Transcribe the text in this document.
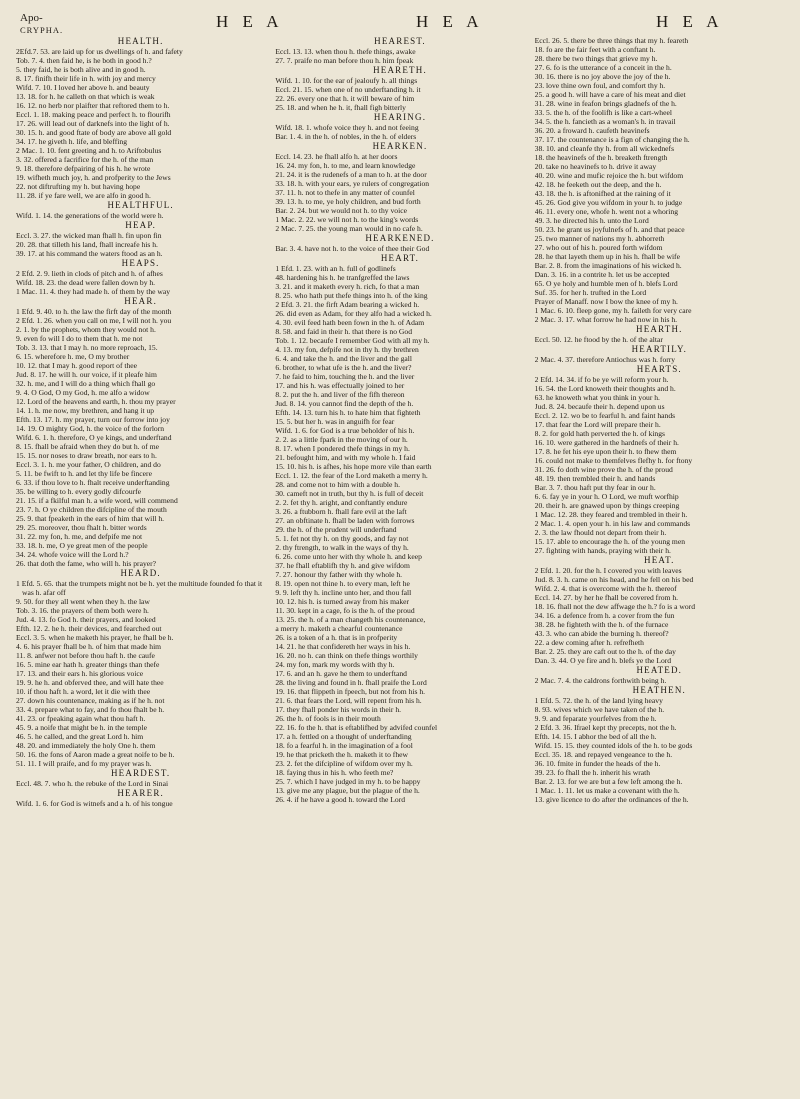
Apo-
CRYPHA.	H E A	H E A	H E A
HEALTH.

2Efd.7. 53. are laid up for us dwellings of h. and fafety

Tob. 7. 4. then faid he, is he both in good h.?

5. they faid, he is both alive and in good h.

8. 17. finifh their life in h. with joy and mercy

Wifd. 7. 10. I loved her above h. and beauty

13. 18. for h. he calleth on that which is weak

16. 12. no herb nor plaifter that reftored them to h.

Eccl. 1. 18. making peace and perfect h. to flourifh

17. 26. will lead out of darknefs into the light of h.

30. 15. h. and good ftate of body are above all gold

34. 17. he giveth h. life, and bleffing

2 Mac. 1. 10. fent greeting and h. to Ariftobulus

3. 32. offered a facrifice for the h. of the man

9. 18. therefore defpairing of his h. he wrote

19. wifheth much joy, h. and profperity to the Jews

22. not diftrufting my h. but having hope

11. 28. if ye fare well, we are alfo in good h.

HEALTHFUL.

Wifd. 1. 14. the generations of the world were h.

HEAP.

Eccl. 3. 27. the wicked man fhall h. fin upon fin

20. 28. that tilleth his land, fhall increafe his h.

39. 17. at his command the waters ftood as an h.

HEAPS.

2 Efd. 2. 9. lieth in clods of pitch and h. of afhes

Wifd. 18. 23. the dead were fallen down by h.

1 Mac. 11. 4. they had made h. of them by the way

HEAR.

1 Efd. 9. 40. to h. the law the firft day of the month

2 Efd. 1. 26. when you call on me, I will not h. you

2. 1. by the prophets, whom they would not h.

9. even fo will I do to them that h. me not

Tob. 3. 13. that I may h. no more reproach, 15.

6. 15. wherefore h. me, O my brother

10. 12. that I may h. good report of thee

Jud. 8. 17. he will h. our voice, if it pleafe him

32. h. me, and I will do a thing which fhall go

9. 4. O God, O my God, h. me alfo a widow

12. Lord of the heavens and earth, h. thou my prayer

14. 1. h. me now, my brethren, and hang it up

Efth. 13. 17. h. my prayer, turn our forrow into joy

14. 19. O mighty God, h. the voice of the forlorn

Wifd. 6. 1. h. therefore, O ye kings, and underftand

8. 15. fhall be afraid when they do but h. of me

15. 15. nor noses to draw breath, nor ears to h.

Eccl. 3. 1. h. me your father, O children, and do

5. 11. be fwift to h. and let thy life be fincere

6. 33. if thou love to h. fhalt receive underftanding

35. be willing to h. every godly difcourfe

21. 15. if a fkilful man h. a wife word, will commend

23. 7. h. O ye children the difcipline of the mouth

25. 9. that fpeaketh in the ears of him that will h.

29. 25. moreover, thou fhalt h. bitter words

31. 22. my fon, h. me, and defpife me not

33. 18. h. me, O ye great men of the people

34. 24. whofe voice will the Lord h.?

26. that doth the fame, who will h. his prayer?

HEARD.

1 Efd. 5. 65. that the trumpets might not be h. yet the multitude founded fo that it was h. afar off

9. 50. for they all went when they h. the law

Tob. 3. 16. the prayers of them both were h.

Jud. 4. 13. fo God h. their prayers, and looked

Efth. 12. 2. he h. their devices, and fearched out

Eccl. 3. 5. when he maketh his prayer, he fhall be h.

4. 6. his prayer fhall be h. of him that made him

11. 8. anfwer not before thou haft h. the caufe

16. 5. mine ear hath h. greater things than thefe

17. 13. and their ears h. his glorious voice

19. 9. he h. and obferved thee, and will hate thee

10. if thou haft h. a word, let it die with thee

27. down his countenance, making as if he h. not

33. 4. prepare what to fay, and fo thou fhalt be h.

41. 23. or fpeaking again what thou haft h.

45. 9. a noife that might be h. in the temple

46. 5. he called, and the great Lord h. him

48. 20. and immediately the holy One h. them

50. 16. the fons of Aaron made a great noife to be h.

51. 11. I will praife, and fo my prayer was h.

HEARDEST.

Eccl. 48. 7. who h. the rebuke of the Lord in Sinai

HEARER.

Wifd. 1. 6. for God is witnefs and a h. of his tongue

HEAREST.

Eccl. 13. 13. when thou h. thefe things, awake

27. 7. praife no man before thou h. him fpeak

HEARETH.

Wifd. 1. 10. for the ear of jealoufy h. all things

Eccl. 21. 15. when one of no underftanding h. it

22. 26. every one that h. it will beware of him

25. 18. and when he h. it, fhall figh bitterly

HEARING.

Wifd. 18. 1. whofe voice they h. and not feeing

Bar. 1. 4. in the h. of nobles, in the h. of elders

HEARKEN.

Eccl. 14. 23. he fhall alfo h. at her doors

16. 24. my fon, h. to me, and learn knowledge

21. 24. it is the rudenefs of a man to h. at the door

33. 18. h. with your ears, ye rulers of congregation

37. 11. h. not to thefe in any matter of counfel

39. 13. h. to me, ye holy children, and bud forth

Bar. 2. 24. but we would not h. to thy voice

1 Mac. 2. 22. we will not h. to the king's words

2 Mac. 7. 25. the young man would in no cafe h.

HEARKENED.

Bar. 3. 4. have not h. to the voice of thee their God

HEART.

1 Efd. 1. 23. with an h. full of godlinefs

48. hardening his h. he tranfgreffed the laws

3. 21. and it maketh every h. rich, fo that a man

8. 25. who hath put thefe things into h. of the king

2 Efd. 3. 21. the firft Adam bearing a wicked h.

26. did even as Adam, for they alfo had a wicked h.

4. 30. evil feed hath been fown in the h. of Adam

8. 58. and faid in their h. that there is no God

Tob. 1. 12. becaufe I remember God with all my h.

4. 13. my fon, defpife not in thy h. thy brethren

6. 4. and take the h. and the liver and the gall

6. brother, to what ufe is the h. and the liver?

7. he faid to him, touching the h. and the liver

17. and his h. was effectually joined to her

8. 2. put the h. and liver of the fifh thereon

Jud. 8. 14. you cannot find the depth of the h.

Efth. 14. 13. turn his h. to hate him that fighteth

15. 5. but her h. was in anguifh for fear

Wifd. 1. 6. for God is a true beholder of his h.

2. 2. as a little fpark in the moving of our h.

8. 17. when I pondered thefe things in my h.

21. befought him, and with my whole h. I faid

15. 10. his h. is afhes, his hope more vile than earth

Eccl. 1. 12. the fear of the Lord maketh a merry h.

28. and come not to him with a double h.

30. cameft not in truth, but thy h. is full of deceit

2. 2. fet thy h. aright, and conftantly endure

3. 26. a ftubborn h. fhall fare evil at the laft

27. an obftinate h. fhall be laden with forrows

29. the h. of the prudent will underftand

5. 1. fet not thy h. on thy goods, and fay not

2. thy ftrength, to walk in the ways of thy h.

6. 26. come unto her with thy whole h. and keep

37. he fhall eftablifh thy h. and give wifdom

7. 27. honour thy father with thy whole h.

8. 19. open not thine h. to every man, left he

9. 9. left thy h. incline unto her, and thou fall

10. 12. his h. is turned away from his maker

11. 30. kept in a cage, fo is the h. of the proud

13. 25. the h. of a man changeth his countenance,

a merry h. maketh a chearful countenance

26. is a token of a h. that is in profperity

14. 21. he that confidereth her ways in his h.

16. 20. no h. can think on thefe things worthily

24. my fon, mark my words with thy h.

17. 6. and an h. gave he them to underftand

28. the living and found in h. fhall praife the Lord

19. 16. that flippeth in fpeech, but not from his h.

21. 6. that fears the Lord, will repent from his h.

17. they fhall ponder his words in their h.

26. the h. of fools is in their mouth

22. 16. fo the h. that is eftablifhed by advifed counfel

17. a h. fettled on a thought of underftanding

18. fo a fearful h. in the imagination of a fool

19. he that pricketh the h. maketh it to fhew

23. 2. fet the difcipline of wifdom over my h.

18. faying thus in his h. who feeth me?

25. 7. which I have judged in my h. to be happy

13. give me any plague, but the plague of the h.

26. 4. if he have a good h. toward the Lord

Eccl. 26. 5. there be three things that my h. feareth

18. fo are the fair feet with a conftant h.

28. there be two things that grieve my h.

27. 6. fo is the utterance of a conceit in the h.

30. 16. there is no joy above the joy of the h.

23. love thine own foul, and comfort thy h.

25. a good h. will have a care of his meat and diet

31. 28. wine in feafon brings gladnefs of the h.

33. 5. the h. of the foolifh is like a cart-wheel

34. 5. the h. fancieth as a woman's h. in travail

36. 20. a froward h. caufeth heavinefs

37. 17. the countenance is a fign of changing the h.

38. 10. and cleanfe thy h. from all wickednefs

18. the heavinefs of the h. breaketh ftrength

20. take no heavinefs to h. drive it away

40. 20. wine and mufic rejoice the h. but wifdom

42. 18. he feeketh out the deep, and the h.

43. 18. the h. is aftonifhed at the raining of it

45. 26. God give you wifdom in your h. to judge

46. 11. every one, whofe h. went not a whoring

49. 3. he directed his h. unto the Lord

50. 23. he grant us joyfulnefs of h. and that peace

25. two manner of nations my h. abhorreth

27. who out of his h. poured forth wifdom

28. he that layeth them up in his h. fhall be wife

Bar. 2. 8. from the imaginations of his wicked h.

Dan. 3. 16. in a contrite h. let us be accepted

65. O ye holy and humble men of h. blefs Lord

Suf. 35. for her h. trufted in the Lord

Prayer of Manaff. now I bow the knee of my h.

1 Mac. 6. 10. fleep gone, my h. faileth for very care

2 Mac. 3. 17. what forrow he had now in his h.

HEARTH.

Eccl. 50. 12. he ftood by the h. of the altar

HEARTILY.

2 Mac. 4. 37. therefore Antiochus was h. forry

HEARTS.

2 Efd. 14. 34. if fo be ye will reform your h.

16. 54. the Lord knoweth their thoughts and h.

63. he knoweth what you think in your h.

Jud. 8. 24. becaufe their h. depend upon us

Eccl. 2. 12. wo be to fearful h. and faint hands

17. that fear the Lord will prepare their h.

8. 2. for gold hath perverted the h. of kings

16. 10. were gathered in the hardnefs of their h.

17. 8. he fet his eye upon their h. to fhew them

16. could not make to themfelves flefhy h. for ftony

31. 26. fo doth wine prove the h. of the proud

48. 19. then trembled their h. and hands

Bar. 3. 7. thou haft put thy fear in our h.

6. 6. fay ye in your h. O Lord, we muft worfhip

20. their h. are gnawed upon by things creeping

1 Mac. 12. 28. they feared and trembled in their h.

2 Mac. 1. 4. open your h. in his law and commands

2. 3. the law fhould not depart from their h.

15. 17. able to encourage the h. of the young men

27. fighting with hands, praying with their h.

HEAT.

2 Efd. 1. 20. for the h. I covered you with leaves

Jud. 8. 3. h. came on his head, and he fell on his bed

Wifd. 2. 4. that is overcome with the h. thereof

Eccl. 14. 27. by her he fhall be covered from h.

18. 16. fhall not the dew affwage the h.? fo is a word

34. 16. a defence from h. a cover from the fun

38. 28. he fighteth with the h. of the furnace

43. 3. who can abide the burning h. thereof?

22. a dew coming after h. refrefheth

Bar. 2. 25. they are caft out to the h. of the day

Dan. 3. 44. O ye fire and h. blefs ye the Lord

HEATED.

2 Mac. 7. 4. the caldrons forthwith being h.

HEATHEN.

1 Efd. 5. 72. the h. of the land lying heavy

8. 93. wives which we have taken of the h.

9. 9. and feparate yourfelves from the h.

2 Efd. 3. 36. Ifrael kept thy precepts, not the h.

Efth. 14. 15. I abhor the bed of all the h.

Wifd. 15. 15. they counted idols of the h. to be gods

Eccl. 35. 18. and repayed vengeance to the h.

36. 10. fmite in funder the heads of the h.

39. 23. fo fhall the h. inherit his wrath

Bar. 2. 13. for we are but a few left among the h.

1 Mac. 1. 11. let us make a covenant with the h.

13. give licence to do after the ordinances of the h.
